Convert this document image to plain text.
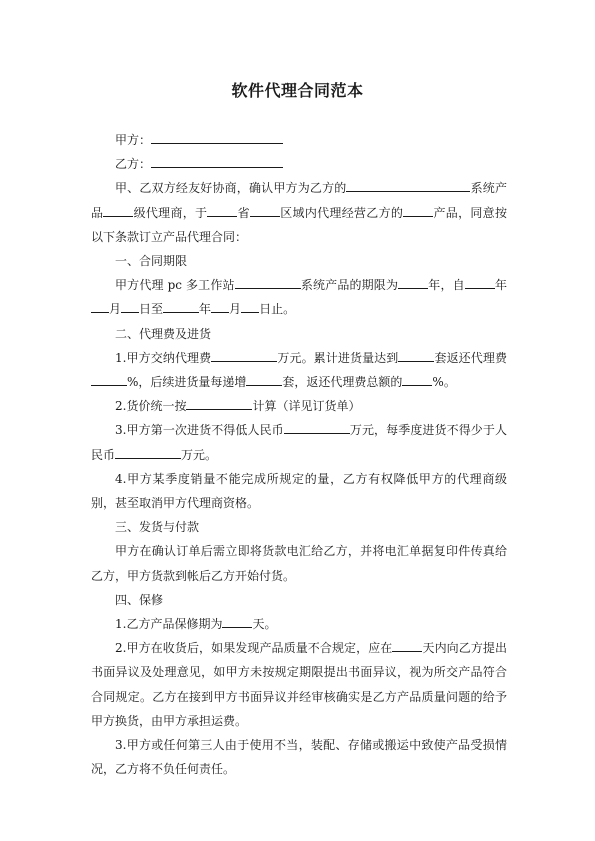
软件代理合同范本

甲方：

乙方：

甲、乙双方经友好协商，确认甲方为乙方的	系统产品	级代理商，于	省	区域内代理经营乙方的	产品，同意按以下条款订立产品代理合同：

一、合同期限

甲方代理 pc 多工作站	系统产品的期限为	年，自	年月 日至	年 月 日止。

二、代理费及进货

1.甲方交纳代理费	万元。累计进货量达到	套返还代理费%，后续进货量每递增	套，返还代理费总额的	%。

2.货价统一按	计算（详见订货单）

3.甲方第一次进货不得低人民币	万元，每季度进货不得少于人民币	万元。

4.甲方某季度销量不能完成所规定的量，乙方有权降低甲方的代理商级别，甚至取消甲方代理商资格。

三、发货与付款

甲方在确认订单后需立即将货款电汇给乙方，并将电汇单据复印件传真给乙方，甲方货款到帐后乙方开始付货。

四、保修

1.乙方产品保修期为	天。

2.甲方在收货后，如果发现产品质量不合规定，应在	天内向乙方提出书面异议及处理意见，如甲方未按规定期限提出书面异议，视为所交产品符合合同规定。乙方在接到甲方书面异议并经审核确实是乙方产品质量问题的给予甲方换货，由甲方承担运费。

3.甲方或任何第三人由于使用不当，装配、存储或搬运中致使产品受损情况，乙方将不负任何责任。
